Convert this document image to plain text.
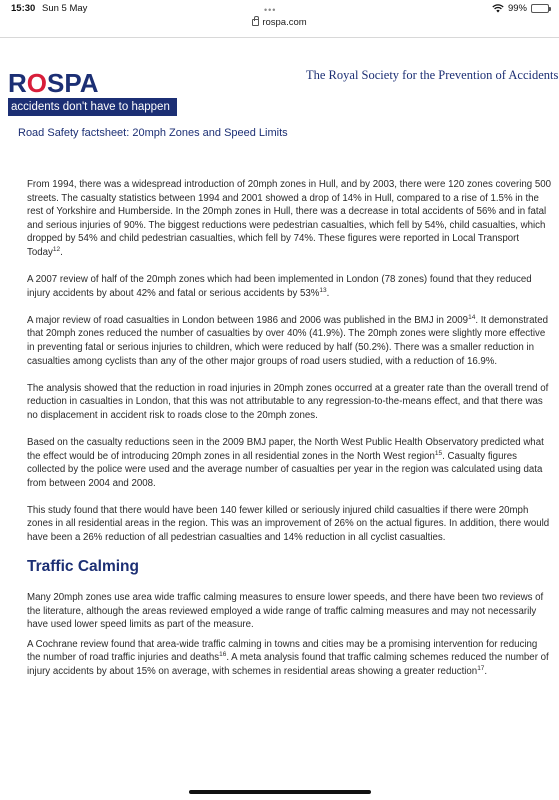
15:30 Sun 5 May	99%
•••
rospa.com
ROSPA
accidents don't have to happen
The Royal Society for the Prevention of Accidents
Road Safety factsheet: 20mph Zones and Speed Limits

From 1994, there was a widespread introduction of 20mph zones in Hull, and by 2003, there were 120 zones covering 500 streets. The casualty statistics between 1994 and 2001 showed a drop of 14% in Hull, compared to a rise of 1.5% in the rest of Yorkshire and Humberside. In the 20mph zones in Hull, there was a decrease in total accidents of 56% and in fatal and serious injuries of 90%. The biggest reductions were pedestrian casualties, which fell by 54%, child casualties, which dropped by 54% and child pedestrian casualties, which fell by 74%. These figures were reported in Local Transport Today$^{12}$.

A 2007 review of half of the 20mph zones which had been implemented in London (78 zones) found that they reduced injury accidents by about 42% and fatal or serious accidents by 53%$^{13}$.

A major review of road casualties in London between 1986 and 2006 was published in the BMJ in 2009$^{14}$. It demonstrated that 20mph zones reduced the number of casualties by over 40% (41.9%). The 20mph zones were slightly more effective in preventing fatal or serious injuries to children, which were reduced by half (50.2%). There was a smaller reduction in casualties among cyclists than any of the other major groups of road users studied, with a reduction of 16.9%.

The analysis showed that the reduction in road injuries in 20mph zones occurred at a greater rate than the overall trend of reduction in casualties in London, that this was not attributable to any regression-to-the-means effect, and that there was no displacement in accident risk to roads close to the 20mph zones.

Based on the casualty reductions seen in the 2009 BMJ paper, the North West Public Health Observatory predicted what the effect would be of introducing 20mph zones in all residential zones in the North West region$^{15}$. Casualty figures collected by the police were used and the average number of casualties per year in the region was calculated using data from between 2004 and 2008.

This study found that there would have been 140 fewer killed or seriously injured child casualties if there were 20mph zones in all residential areas in the region. This was an improvement of 26% on the actual figures. In addition, there would have been a 26% reduction of all pedestrian casualties and 14% reduction in all cyclist casualties.

Traffic Calming

Many 20mph zones use area wide traffic calming measures to ensure lower speeds, and there have been two reviews of the literature, although the areas reviewed employed a wide range of traffic calming measures and may not necessarily have used lower speed limits as part of the measure.

A Cochrane review found that area-wide traffic calming in towns and cities may be a promising intervention for reducing the number of road traffic injuries and deaths$^{16}$. A meta analysis found that traffic calming schemes reduced the number of injury accidents by about 15% on average, with schemes in residential areas showing a greater reduction$^{17}$.
